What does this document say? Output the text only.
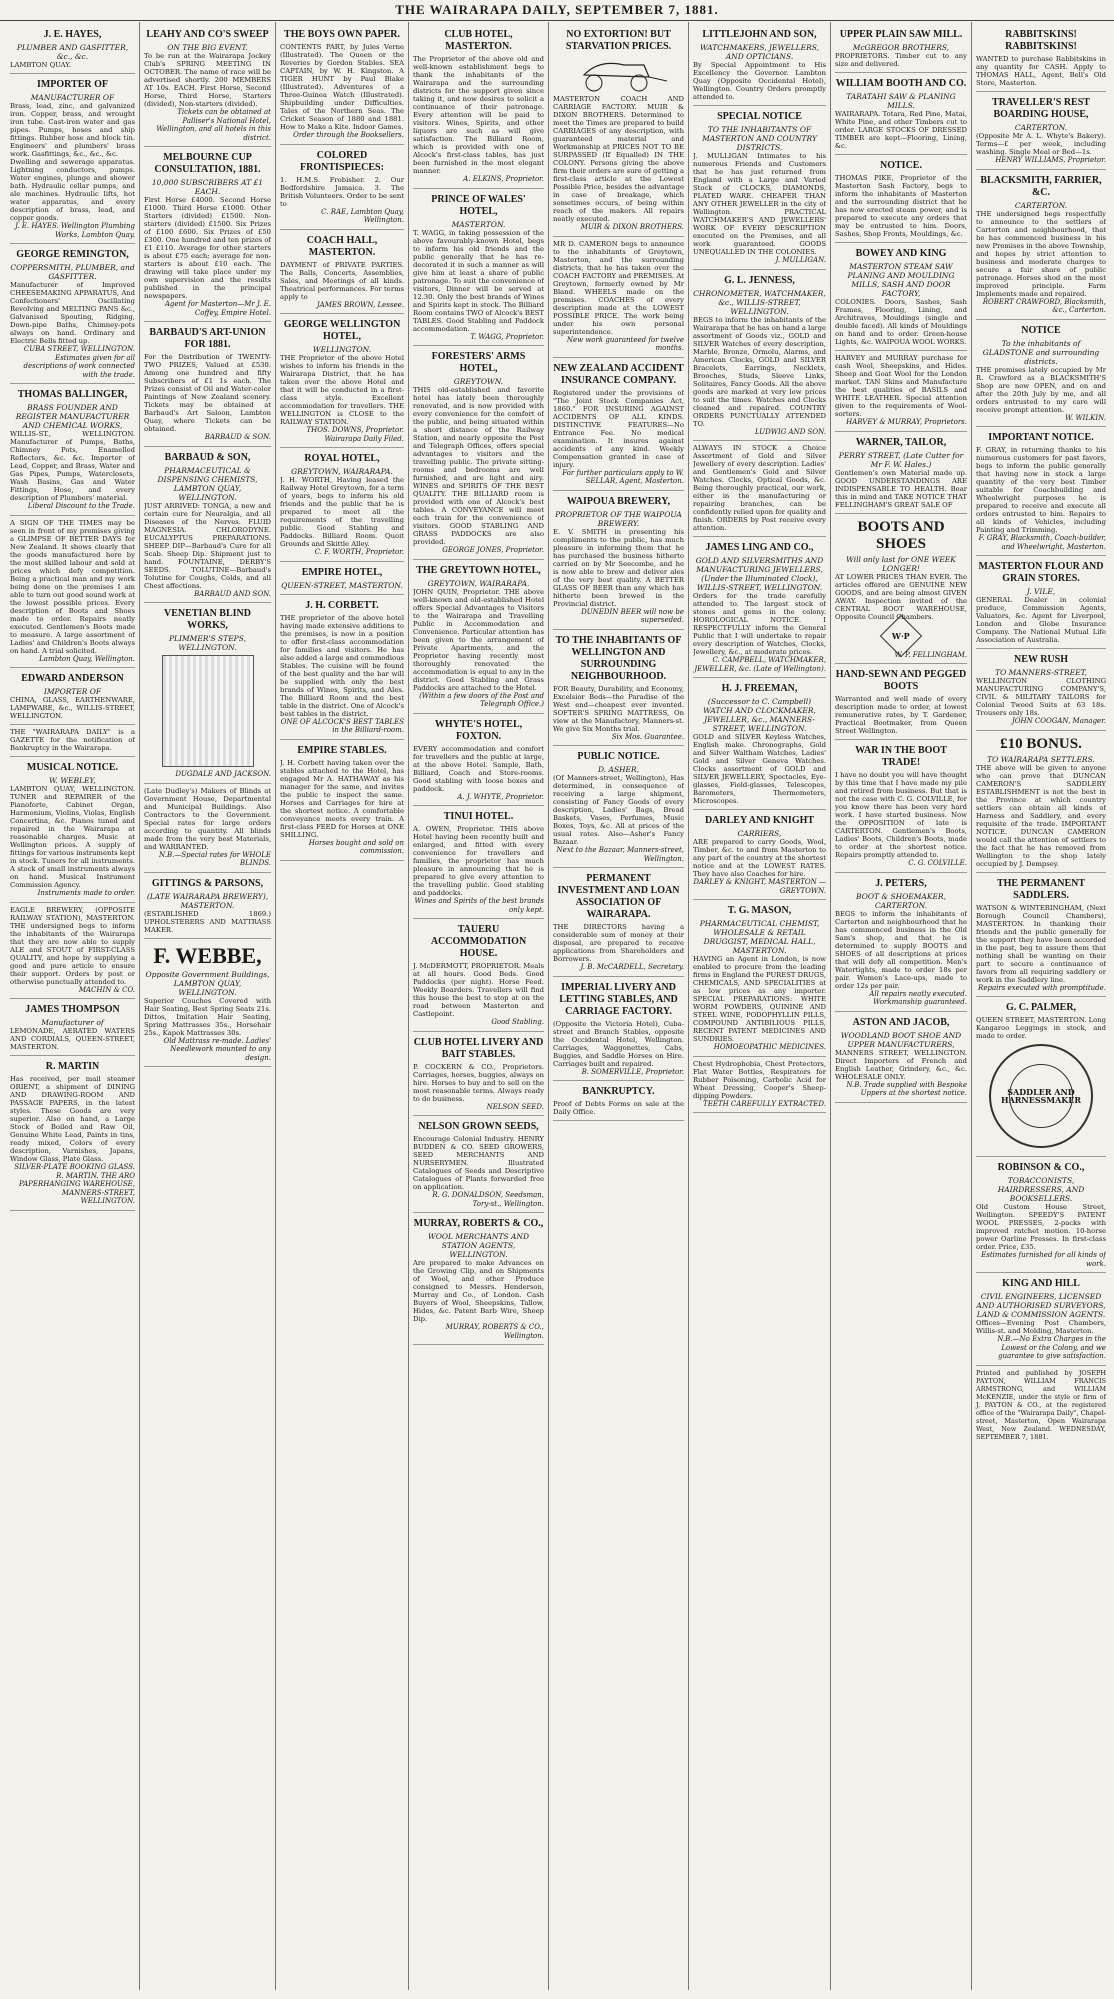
THE WAIRARAPA DAILY, SEPTEMBER 7, 1881.
J. E. HAYES,
PLUMBER AND GASFITTER, &c., &c.
LAMBTON QUAY.
IMPORTER OF
MANUFACTURER OF
Brass, lead, zinc, and galvanized iron. Copper, brass, and wrought iron tube. Cast-iron water and gas pipes. Pumps, hoses and ship fittings. Rubber hose and block tin. Engineers' and plumbers' brass work. Gasfittings, &c., &c., &c.
Dwelling and sewerage apparatus. Lightning conductors, pumps. Water engines, plunge and shower bath. Hydraulic cellar pumps, and ale machines. Hydraulic lifts, hot water apparatus, and every description of brass, lead, and copper goods.
J. E. HAYES. Wellington Plumbing Works, Lambton Quay.
GEORGE REMINGTON,
COPPERSMITH, PLUMBER, and GASFITTER.
Manufacturer of Improved CHEESEMAKING APPARATUS, And Confectioners' Oscillating Revolving and MELTING PANS &c., Galvanised Spouting, Ridging, Down-pipe Baths, Chimney-pots always on hand. Ordinary and Electric Bells fitted up.
CUBA STREET, WELLINGTON. Estimates given for all descriptions of work connected with the trade.
THOMAS BALLINGER,
BRASS FOUNDER AND REGISTER MANUFACTURER AND CHEMICAL WORKS,
WILLIS-ST., WELLINGTON. Manufacturer of Pumps, Baths, Chimney Pots, Enamelled Reflectors, &c. &c. Importer of Lead, Copper, and Brass, Water and Gas Pipes, Pumps, Waterclosets, Wash Basins, Gas and Water Fittings, Hose, and every description of Plumbers' material.
Liberal Discount to the Trade.
A SIGN OF THE TIMES may be seen in front of my premises giving a GLIMPSE OF BETTER DAYS for New Zealand. It shows clearly that the goods manufactured here by the most skilled labour and sold at prices which defy competition. Being a practical man and my work being done on the premises I am able to turn out good sound work at the lowest possible prices. Every description of Boots and Shoes made to order. Repairs neatly executed. Gentlemen's Boots made to measure. A large assortment of Ladies' and Children's Boots always on hand. A trial solicited.
Lambton Quay, Wellington.
EDWARD ANDERSON
IMPORTER OF
CHINA, GLASS, EARTHENWARE, LAMPWARE, &c., WILLIS-STREET, WELLINGTON.
THE "WAIRARAPA DAILY" is a GAZETTE for the notification of Bankruptcy in the Wairarapa.
MUSICAL NOTICE.
W. WEBLEY,
LAMBTON QUAY, WELLINGTON. TUNER and REPAIRER of the Pianoforte, Cabinet Organ, Harmonium, Violins, Violas, English Concertina, &c. Pianos tuned and repaired in the Wairarapa at reasonable charges. Music at Wellington prices. A supply of fittings for various instruments kept in stock. Tuners for all instruments. A stock of small instruments always on hand. Musical Instrument Commission Agency.
Instruments made to order.
EAGLE BREWERY, (OPPOSITE RAILWAY STATION), MASTERTON. THE undersigned begs to inform the inhabitants of the Wairarapa that they are now able to supply ALE and STOUT of FIRST-CLASS QUALITY, and hope by supplying a good and pure article to ensure their support. Orders by post or otherwise punctually attended to.
MACHIN & CO.
JAMES THOMPSON
Manufacturer of
LEMONADE, AERATED WATERS AND CORDIALS, QUEEN-STREET, MASTERTON.
R. MARTIN
Has received, per mail steamer ORIENT, a shipment of DINING AND DRAWING-ROOM AND PASSAGE PAPERS, in the latest styles. These Goods are very superior. Also on hand, a Large Stock of Boiled and Raw Oil, Genuine White Lead, Paints in tins, ready mixed, Colors of every description, Varnishes, Japans, Window Glass, Plate Glass.
SILVER-PLATE BOOKING GLASS. R. MARTIN. THE ARO PAPERHANGING WAREHOUSE, MANNERS-STREET, WELLINGTON.
LEAHY AND CO'S SWEEP
ON THE BIG EVENT.
To be run at the Wairarapa Jockey Club's SPRING MEETING IN OCTOBER. The name of race will be advertised shortly. 200 MEMBERS AT 10s. EACH. First Horse, Second Horse, Third Horse, Starters (divided), Non-starters (divided).
Tickets can be obtained at Palliser's National Hotel, Wellington, and all hotels in this district.
MELBOURNE CUP CONSULTATION, 1881.
10,000 SUBSCRIBERS AT £1 EACH.
First Horse £4000. Second Horse £1000. Third Horse £1000. Other Starters (divided) £1500. Non-starters (divided) £1500. Six Prizes of £100 £600. Six Prizes of £50 £300. One hundred and ten prizes of £1 £110. Average for other starters is about £75 each; average for non-starters is about £10 each. The drawing will take place under my own supervision and the results published in the principal newspapers.
Agent for Masterton—Mr J. E. Coffey, Empire Hotel.
BARBAUD'S ART-UNION FOR 1881.
For the Distribution of TWENTY-TWO PRIZES, Valued at £530. Among one hundred and fifty Subscribers of £1 1s each. The Prizes consist of Oil and Water-color Paintings of New Zealand scenery. Tickets may be obtained at Barbaud's Art Saloon, Lambton Quay, where Tickets can be obtained.
BARBAUD & SON.
BARBAUD & SON,
PHARMACEUTICAL & DISPENSING CHEMISTS, LAMBTON QUAY, WELLINGTON.
JUST ARRIVED: TONGA, a new and certain cure for Neuralgia, and all Diseases of the Nerves. FLUID MAGNESIA. CHLORODYNE. EUCALYPTUS PREPARATIONS. SHEEP DIP—Barbaud's Cure for all Scab. Sheep Dip. Shipment just to hand. FOUNTAINE, DERBY'S SEEDS. TOLUTINE—Barbaud's Tolutine for Coughs, Colds, and all Chest affections.
BARBAUD AND SON.
VENETIAN BLIND WORKS,
PLIMMER'S STEPS, WELLINGTON.
DUGDALE AND JACKSON.
(Late Dudley's) Makers of Blinds at Government House, Departmental and Municipal Buildings. Also Contractors to the Government. Special rates for large orders according to quantity. All blinds made from the very best Materials, and WARRANTED.
N.B.—Special rates for WHOLE BLINDS.
GITTINGS & PARSONS,
(LATE WAIRARAPA BREWERY), MASTERTON.
(ESTABLISHED 1869.) UPHOLSTERERS AND MATTRASS MAKER.
F. WEBBE,
Opposite Government Buildings, LAMBTON QUAY, WELLINGTON.
Superior Couches Covered with Hair Seating, Best Spring Seats 21s. Dittos, Imitation Hair Seating, Spring Mattrasses 35s., Horsehair 25s., Kapok Mattrasses 30s.
Old Mattrass re-made. Ladies' Needlework mounted to any design.
THE BOYS OWN PAPER.
CONTENTS PART, by Jules Verne (Illustrated). The Queen or the Reveries by Gordon Stables. SEA CAPTAIN, by W. H. Kingston. A TIGER HUNT by Paul Blake (Illustrated). Adventures of a Three-Guinea Watch (Illustrated). Shipbuilding under Difficulties. Tales of the Northern Seas. The Cricket Season of 1880 and 1881. How to Make a Kite. Indoor Games.
Order through the Booksellers.
COLORED FRONTISPIECES:
1. H.M.S. Frobisher. 2. Our Bedfordshire Jamaica. 3. The British Volunteers. Order to be sent to
C. RAE, Lambton Quay, Wellington.
COACH HALL, MASTERTON.
DAYMENT of PRIVATE PARTIES. The Balls, Concerts, Assemblies, Sales, and Meetings of all kinds. Theatrical performances. For terms apply to
JAMES BROWN, Lessee.
GEORGE WELLINGTON HOTEL,
WELLINGTON.
THE Proprietor of the above Hotel wishes to inform his friends in the Wairarapa District, that he has taken over the above Hotel and that it will be conducted in a first-class style. Excellent accommodation for travellers. THE WELLINGTON is CLOSE to the RAILWAY STATION.
THOS. DOWNS, Proprietor. Wairarapa Daily Filed.
ROYAL HOTEL,
GREYTOWN, WAIRARAPA.
J. H. WORTH, Having leased the Railway Hotel Greytown, for a term of years, begs to inform his old friends and the public that he is prepared to meet all the requirements of the travelling public. Good Stabling and Paddocks. Billiard Room. Quoit Grounds and Skittle Alley.
C. F. WORTH, Proprietor.
EMPIRE HOTEL,
QUEEN-STREET, MASTERTON.
J. H. CORBETT.
THE proprietor of the above hotel having made extensive additions to the premises, is now in a position to offer first-class accommodation for families and visitors. He has also added a large and commodious Stables. The cuisine will be found of the best quality and the bar will be supplied with only the best brands of Wines, Spirits, and Ales. The Billiard Room and the best table in the district. One of Alcock's best tables in the district.
ONE OF ALCOCK'S BEST TABLES in the Billiard-room.
EMPIRE STABLES.
J. H. Corbett having taken over the stables attached to the Hotel, has engaged Mr A. HATHAWAY as his manager for the same, and invites the public to inspect the same. Horses and Carriages for hire at the shortest notice. A comfortable conveyance meets every train. A first-class FEED for Horses at ONE SHILLING.
Horses bought and sold on commission.
CLUB HOTEL, MASTERTON.
The Proprietor of the above old and well-known establishment begs to thank the inhabitants of the Wairarapa and the surrounding districts for the support given since taking it, and now desires to solicit a continuance of their patronage. Every attention will be paid to visitors. Wines, Spirits, and other liquors are such as will give satisfaction. The Billiard Room, which is provided with one of Alcock's first-class tables, has just been furnished in the most elegant manner.
A. ELKINS, Proprietor.
PRINCE OF WALES' HOTEL,
MASTERTON.
T. WAGG, in taking possession of the above favourably-known Hotel, begs to inform his old friends and the public generally that he has re-decorated it in such a manner as will give him at least a share of public patronage. To suit the convenience of visitors, Dinner will be served at 12.30. Only the best brands of Wines and Spirits kept in stock. The Billiard Room contains TWO of Alcock's BEST TABLES. Good Stabling and Paddock accommodation.
T. WAGG, Proprietor.
FORESTERS' ARMS HOTEL,
GREYTOWN.
THIS old-established and favorite hotel has lately been thoroughly renovated, and is now provided with every convenience for the comfort of the public, and being situated within a short distance of the Railway Station, and nearly opposite the Post and Telegraph Offices, offers special advantages to visitors and the travelling public. The private sitting-rooms and bedrooms are well furnished, and are light and airy. WINES and SPIRITS OF THE BEST QUALITY. THE BILLIARD room is provided with one of Alcock's best tables. A CONVEYANCE will meet each train for the convenience of visitors. GOOD STABLING AND GRASS PADDOCKS are also provided.
GEORGE JONES, Proprietor.
THE GREYTOWN HOTEL,
GREYTOWN, WAIRARAPA.
JOHN QUIN, Proprietor. THE above well-known and old-established Hotel offers Special Advantages to Visitors to the Wairarapa and Travelling Public in Accommodation and Convenience. Particular attention has been given to the arrangement of Private Apartments, and the Proprietor having recently most thoroughly renovated the accommodation is equal to any in the district. Good Stabling and Grass Paddocks are attached to the Hotel.
(Within a few doors of the Post and Telegraph Office.)
WHYTE'S HOTEL, FOXTON.
EVERY accommodation and comfort for travellers and the public at large, at the above Hotel. Sample, Bath, Billiard, Coach and Store-rooms. Good stabling with loose boxes and paddock.
A. J. WHYTE, Proprietor.
TINUI HOTEL.
A. OWEN, Proprietor. THIS above Hotel having been recently built and enlarged, and fitted with every convenience for travellers and families, the proprietor has much pleasure in announcing that he is prepared to give every attention to the travelling public. Good stabling and paddocks.
Wines and Spirits of the best brands only kept.
TAUERU ACCOMMODATION HOUSE.
J. McDERMOTT, PROPRIETOR. Meals at all hours. Good Beds. Good Paddocks (per night). Horse Feed. Weekly Boarders. Travellers will find this house the best to stop at on the road between Masterton and Castlepoint.
Good Stabling.
CLUB HOTEL LIVERY AND BAIT STABLES.
P. COCKERN & CO., Proprietors. Carriages, horses, buggies, always on hire. Horses to buy and to sell on the most reasonable terms. Always ready to do business.
NELSON SEED.
NELSON GROWN SEEDS,
Encourage Colonial Industry. HENRY BUDDEN & CO. SEED GROWERS, SEED MERCHANTS AND NURSERYMEN. Illustrated Catalogues of Seeds and Descriptive Catalogues of Plants forwarded free on application.
R. G. DONALDSON, Seedsman, Tory-st., Wellington.
MURRAY, ROBERTS & CO.,
WOOL MERCHANTS AND STATION AGENTS, WELLINGTON.
Are prepared to make Advances on the Growing Clip, and on Shipments of Wool, and other Produce consigned to Messrs. Henderson, Murray and Co., of London. Cash Buyers of Wool, Sheepskins, Tallow, Hides, &c. Patent Barb Wire, Sheep Dip.
MURRAY, ROBERTS & CO., Wellington.
NO EXTORTION! BUT STARVATION PRICES.
MASTERTON COACH AND CARRIAGE FACTORY. MUIR & DIXON BROTHERS. Determined to meet the Times are prepared to build CARRIAGES of any description, with guaranteed material and Workmanship at PRICES NOT TO BE SURPASSED (If Equalled) IN THE COLONY. Persons giving the above firm their orders are sure of getting a first-class article at the Lowest Possible Price, besides the advantage in case of breakage, which sometimes occurs, of being within reach of the makers. All repairs neatly executed.
MUIR & DIXON BROTHERS.
MR D. CAMERON begs to announce to the inhabitants of Greytown, Masterton, and the surrounding districts, that he has taken over the COACH FACTORY and PREMISES. At Greytown, formerly owned by Mr Bland. WHEELS made on the premises. COACHES of every description made at the LOWEST POSSIBLE PRICE. The work being under his own personal superintendence.
New work guaranteed for twelve months.
NEW ZEALAND ACCIDENT INSURANCE COMPANY.
Registered under the provisions of "The Joint Stock Companies Act, 1860." FOR INSURING AGAINST ACCIDENTS OF ALL KINDS. DISTINCTIVE FEATURES—No Entrance Fee. No medical examination. It insures against accidents of any kind. Weekly Compensation granted in case of injury.
For further particulars apply to W. SELLAR, Agent, Masterton.
WAIPOUA BREWERY,
PROPRIETOR OF THE WAIPOUA BREWERY.
E. V. SMITH in presenting his compliments to the public, has much pleasure in informing them that he has purchased the business hitherto carried on by Mr Seecombe, and he is now able to brew and deliver ales of the very best quality. A BETTER GLASS OF BEER than any which has hitherto been brewed in the Provincial district.
DUNEDIN BEER will now be superseded.
TO THE INHABITANTS OF WELLINGTON AND SURROUNDING NEIGHBOURHOOD.
FOR Beauty, Durability, and Economy, Excelsior Beds—the Paradise of the West end—cheapest ever invented. SOFTER'S SPRING MATTRESS, On view at the Manufactory, Manners-st. We give Six Months trial.
Six Mos. Guarantee.
PUBLIC NOTICE.
D. ASHER,
(Of Manners-street, Wellington), Has determined, in consequence of receiving a large shipment, consisting of Fancy Goods of every description, Ladies' Bags, Bread Baskets, Vases, Perfumes, Music Boxes, Toys, &c. All at prices of the usual rates. Also—Asher's Fancy Bazaar.
Next to the Bazaar, Manners-street, Wellington.
PERMANENT INVESTMENT AND LOAN ASSOCIATION OF WAIRARAPA.
THE DIRECTORS having a considerable sum of money at their disposal, are prepared to receive applications from Shareholders and Borrowers.
J. B. McCARDELL, Secretary.
IMPERIAL LIVERY AND LETTING STABLES, AND CARRIAGE FACTORY.
(Opposite the Victoria Hotel), Cuba-street and Branch Stables, opposite the Occidental Hotel, Wellington. Carriages, Waggonettes, Cabs, Buggies, and Saddle Horses on Hire. Carriages built and repaired.
B. SOMERVILLE, Proprietor.
BANKRUPTCY.
Proof of Debts Forms on sale at the Daily Office.
LITTLEJOHN AND SON,
WATCHMAKERS, JEWELLERS, AND OPTICIANS.
By Special Appointment to His Excellency the Governor. Lambton Quay (Opposite Occidental Hotel), Wellington. Country Orders promptly attended to.
SPECIAL NOTICE
TO THE INHABITANTS OF MASTERTON AND COUNTRY DISTRICTS.
J. MULLIGAN Intimates to his numerous Friends and Customers that he has just returned from England with a Large and Varied Stock of CLOCKS, DIAMONDS, PLATED WARE. CHEAPER THAN ANY OTHER JEWELLER in the city of Wellington. PRACTICAL WATCHMAKER'S AND JEWELLERS' WORK OF EVERY DESCRIPTION executed on the Premises, and all work guaranteed. GOODS UNEQUALLED IN THE COLONIES.
J. MULLIGAN.
G. L. JENNESS,
CHRONOMETER, WATCHMAKER, &c., WILLIS-STREET, WELLINGTON.
BEGS to inform the inhabitants of the Wairarapa that he has on hand a large assortment of Goods viz., GOLD and SILVER Watches of every description, Marble, Bronze, Ormolu, Alarms, and American Clocks, GOLD and SILVER Bracelets, Earrings, Necklets, Brooches, Studs, Sleeve Links, Solitaires, Fancy Goods. All the above goods are marked at very low prices to suit the times. Watches and Clocks cleaned and repaired. COUNTRY ORDERS PUNCTUALLY ATTENDED TO.
LUDWIG AND SON.
ALWAYS IN STOCK a Choice Assortment of Gold and Silver Jewellery of every description. Ladies' and Gentlemen's Gold and Silver Watches. Clocks, Optical Goods, &c. Being thoroughly practical, our work, either in the manufacturing or repairing branches, can be confidently relied upon for quality and finish. ORDERS by Post receive every attention.
JAMES LING AND CO.,
GOLD AND SILVERSMITHS AND MANUFACTURING JEWELLERS, (Under the Illuminated Clock), WILLIS-STREET, WELLINGTON.
Orders for the trade carefully attended to. The largest stock of stones and gems in the colony. HOROLOGICAL NOTICE. I RESPECTFULLY inform the General Public that I will undertake to repair every description of Watches, Clocks, Jewellery, &c., at moderate prices.
C. CAMPBELL, WATCHMAKER, JEWELLER, &c. (Late of Wellington).
H. J. FREEMAN,
(Successor to C. Campbell) WATCH AND CLOCKMAKER, JEWELLER, &c., MANNERS-STREET, WELLINGTON.
GOLD and SILVER Keyless Watches, English make. Chronographs, Gold and Silver Waltham Watches, Ladies' Gold and Silver Geneva Watches. Clocks assortment of GOLD and SILVER JEWELLERY, Spectacles, Eye-glasses, Field-glasses, Telescopes, Barometers, Thermometers, Microscopes.
DARLEY AND KNIGHT
CARRIERS,
ARE prepared to carry Goods, Wool, Timber, &c. to and from Masterton to any part of the country at the shortest notice and at the LOWEST RATES. They have also Coaches for hire.
DARLEY & KNIGHT, MASTERTON — GREYTOWN.
T. G. MASON,
PHARMACEUTICAL CHEMIST, WHOLESALE & RETAIL DRUGGIST, MEDICAL HALL, MASTERTON.
HAVING an Agent in London, is now enabled to procure from the leading firms in England the PUREST DRUGS, CHEMICALS, AND SPECIALITIES at as low prices as any importer. SPECIAL PREPARATIONS: WHITE WORM POWDERS, QUININE AND STEEL WINE, PODOPHYLLIN PILLS, COMPOUND ANTIBILIOUS PILLS, RECENT PATENT MEDICINES AND SUNDRIES.
HOMOEOPATHIC MEDICINES.
Chest Hydrophobia, Chest Protectors, Flat Water Bottles, Respirators for Rubber Poisoning, Carbolic Acid for Wheat Dressing, Cooper's Sheep-dipping Powders.
TEETH CAREFULLY EXTRACTED.
UPPER PLAIN SAW MILL.
McGREGOR BROTHERS,
PROPRIETORS. Timber cut to any size and delivered.
WILLIAM BOOTH AND CO.
TARATAHI SAW & PLANING MILLS.
WAIRARAPA. Totara, Red Pine, Matai, White Pine, and other Timbers cut to order. LARGE STOCKS OF DRESSED TIMBER are kept—Flooring, Lining, &c.
NOTICE.
THOMAS PIKE, Proprietor of the Masterton Sash Factory, begs to inform the inhabitants of Masterton and the surrounding district that he has now erected steam power, and is prepared to execute any orders that may be entrusted to him. Doors, Sashes, Shop Fronts, Mouldings, &c.
BOWEY AND KING
MASTERTON STEAM SAW PLANING AND MOULDING MILLS, SASH AND DOOR FACTORY,
COLONIES. Doors, Sashes, Sash Frames, Flooring, Lining, and Architraves, Mouldings (single and double faced). All kinds of Mouldings on hand and to order. Green-house Lights, &c. WAIPOUA WOOL WORKS.
HARVEY and MURRAY purchase for cash Wool, Sheepskins, and Hides. Sheep and Goat Wool for the London market. TAN Skins and Manufacture the best qualities of BASILS and WHITE LEATHER. Special attention given to the requirements of Wool-sorters.
HARVEY & MURRAY, Proprietors.
WARNER, TAILOR,
PERRY STREET, (Late Cutter for Mr F. W. Hales.)
Gentlemen's own Material made up. GOOD UNDERSTANDINGS ARE INDISPENSABLE TO HEALTH. Bear this in mind and TAKE NOTICE THAT FELLINGHAM'S GREAT SALE OF
BOOTS AND SHOES
Will only last for ONE WEEK LONGER!
AT LOWER PRICES THAN EVER. The articles offered are GENUINE NEW GOODS, and are being almost GIVEN AWAY. Inspection invited of the CENTRAL BOOT WAREHOUSE, Opposite Council Chambers.
W·P
W. P. FELLINGHAM.
HAND-SEWN AND PEGGED BOOTS
Warranted and well made of every description made to order, at lowest remunerative rates, by T. Gardener, Practical Bootmaker, from Queen Street Wellington.
WAR IN THE BOOT TRADE!
I have no doubt you will have thought by this time that I have made my pile and retired from business. But that is not the case with C. G. COLVILLE, for you know there has been very hard work. I have started business. Now the OPPOSITION of late is CARTERTON. Gentlemen's Boots, Ladies' Boots, Children's Boots, made to order at the shortest notice. Repairs promptly attended to.
C. G. COLVILLE.
J. PETERS,
BOOT & SHOEMAKER, CARTERTON.
BEGS to inform the inhabitants of Carterton and neighbourhood that he has commenced business in the Old Sam's shop, and that he is determined to supply BOOTS and SHOES of all descriptions at prices that will defy all competition. Men's Watertights, made to order 18s per pair. Women's Lace-ups, made to order 12s per pair.
All repairs neatly executed. Workmanship guaranteed.
ASTON AND JACOB,
WOODLAND BOOT SHOE AND UPPER MANUFACTURERS,
MANNERS STREET, WELLINGTON. Direct Importers of French and English Leather, Grindery, &c., &c. WHOLESALE ONLY.
N.B. Trade supplied with Bespoke Uppers at the shortest notice.
RABBITSKINS! RABBITSKINS!
WANTED to purchase Rabbitskins in any quantity for CASH. Apply to THOMAS HALL, Agent, Bell's Old Store, Masterton.
TRAVELLER'S REST BOARDING HOUSE,
CARTERTON.
(Opposite Mr A. L. Whyte's Bakery). Terms—£ per week, including washing. Single Meal or Bed—1s.
HENRY WILLIAMS, Proprietor.
BLACKSMITH, FARRIER, &C.
CARTERTON.
THE undersigned begs respectfully to announce to the settlers of Carterton and neighbourhood, that he has commenced business in his new Premises in the above Township, and hopes by strict attention to business and moderate charges to secure a fair share of public patronage. Horses shod on the most improved principle. Farm Implements made and repaired.
ROBERT CRAWFORD, Blacksmith, &c., Carterton.
NOTICE
To the inhabitants of GLADSTONE and surrounding districts.
THE premises lately occupied by Mr R. Crawford as a BLACKSMITH'S Shop are now OPEN, and on and after the 20th July by me, and all orders entrusted to my care will receive prompt attention.
W. WILKIN.
IMPORTANT NOTICE.
F. GRAY, in returning thanks to his numerous customers for past favors, begs to inform the public generally that having now in stock a large quantity of the very best Timber suitable for Coachbuilding and Wheelwright purposes he is prepared to receive and execute all orders entrusted to him. Repairs to all kinds of Vehicles, including Painting and Trimming.
F. GRAY, Blacksmith, Coach-builder, and Wheelwright, Masterton.
MASTERTON FLOUR AND GRAIN STORES.
J. VILE,
GENERAL Dealer in colonial produce, Commission Agents, Valuators, &c. Agent for Liverpool, London and Globe Insurance Company. The National Mutual Life Association of Australia.
NEW RUSH
TO MANNERS-STREET,
WELLINGTON CLOTHING MANUFACTURING COMPANY'S, CIVIL & MILITARY TAILORS for Colonial Tweed Suits at 63 18s. Trousers only 18s.
JOHN COOGAN, Manager.
£10 BONUS.
TO WAIRARAPA SETTLERS.
THE above will be given to anyone who can prove that DUNCAN CAMERON'S SADDLERY ESTABLISHMENT is not the best in the Province at which country settlers can obtain all kinds of Harness and Saddlery, and every requisite of the trade. IMPORTANT NOTICE. DUNCAN CAMERON would call the attention of settlers to the fact that he has removed from Wellington to the shop lately occupied by J. Dempsey.
THE PERMANENT SADDLERS.
WATSON & WINTERINGHAM, (Next Borough Council Chambers), MASTERTON. In thanking their friends and the public generally for the support they have been accorded in the past, beg to assure them that nothing shall be wanting on their part to secure a continuance of favors from all requiring saddlery or work in the Saddlery line.
Repairs executed with promptitude.
G. C. PALMER,
QUEEN STREET, MASTERTON. Long Kangaroo Leggings in stock, and made to order.
SADDLER AND HARNESSMAKER
ROBINSON & CO.,
TOBACCONISTS, HAIRDRESSERS, AND BOOKSELLERS.
Old Custom House Street, Wellington. SPEEDY'S PATENT WOOL PRESSES, 2-packs with improved ratchet motion. 10-horse power Oarline Presses. In first-class order. Price, £35.
Estimates furnished for all kinds of work.
KING AND HILL
CIVIL ENGINEERS, LICENSED AND AUTHORISED SURVEYORS, LAND & COMMISSION AGENTS.
Offices—Evening Post Chambers, Willis-st. and Molding, Masterton.
N.B.—No Extra Charges in the Lowest or the Colony, and we guarantee to give satisfaction.
Printed and published by JOSEPH PAYTON, WILLIAM FRANCIS ARMSTRONG, and WILLIAM McKENZIE, under the style or firm of J. PAYTON & CO., at the registered office of the "Wairarapa Daily", Chapel-street, Masterton, Open Wairarapa West, New Zealand. WEDNESDAY, SEPTEMBER 7, 1881.
